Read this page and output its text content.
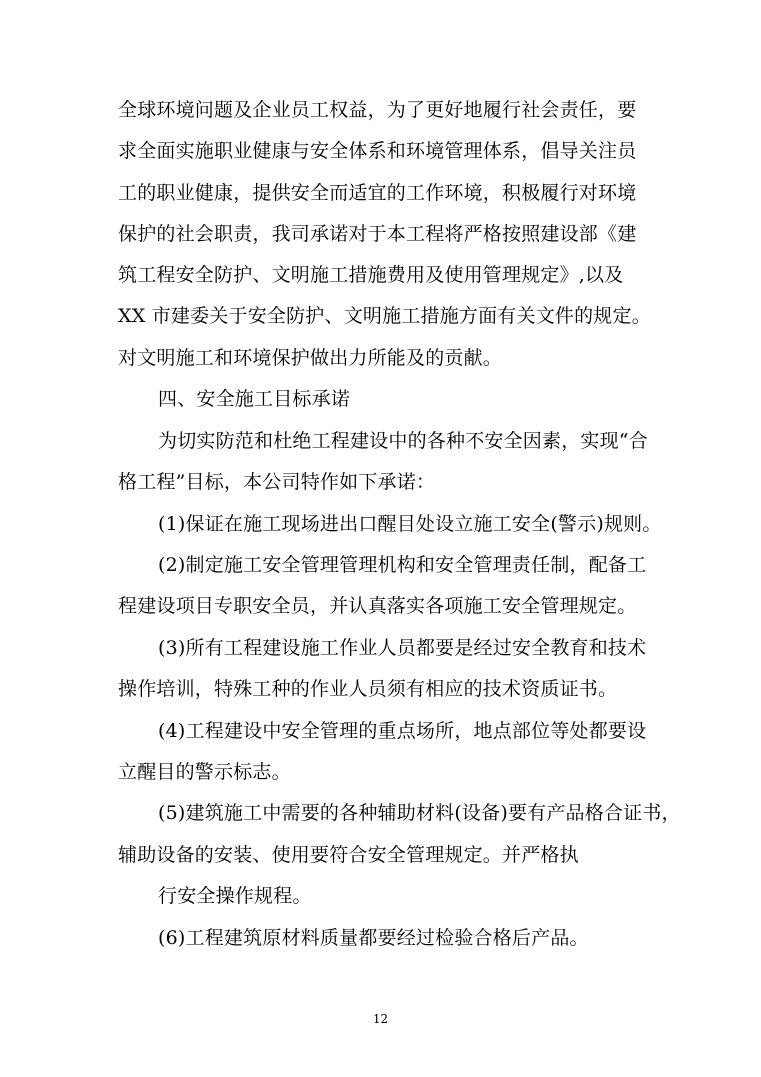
全球环境问题及企业员工权益，为了更好地履行社会责任，要
求全面实施职业健康与安全体系和环境管理体系，倡导关注员
工的职业健康，提供安全而适宜的工作环境，积极履行对环境
保护的社会职责，我司承诺对于本工程将严格按照建设部《建
筑工程安全防护、文明施工措施费用及使用管理规定》,以及
XX 市建委关于安全防护、文明施工措施方面有关文件的规定。
对文明施工和环境保护做出力所能及的贡献。
四、安全施工目标承诺
为切实防范和杜绝工程建设中的各种不安全因素，实现“合
格工程”目标，本公司特作如下承诺：
(1)保证在施工现场进出口醒目处设立施工安全(警示)规则。
(2)制定施工安全管理管理机构和安全管理责任制，配备工
程建设项目专职安全员，并认真落实各项施工安全管理规定。
(3)所有工程建设施工作业人员都要是经过安全教育和技术
操作培训，特殊工种的作业人员须有相应的技术资质证书。
(4)工程建设中安全管理的重点场所，地点部位等处都要设
立醒目的警示标志。
(5)建筑施工中需要的各种辅助材料(设备)要有产品格合证书，
辅助设备的安装、使用要符合安全管理规定。并严格执
行安全操作规程。
(6)工程建筑原材料质量都要经过检验合格后产品。
12
